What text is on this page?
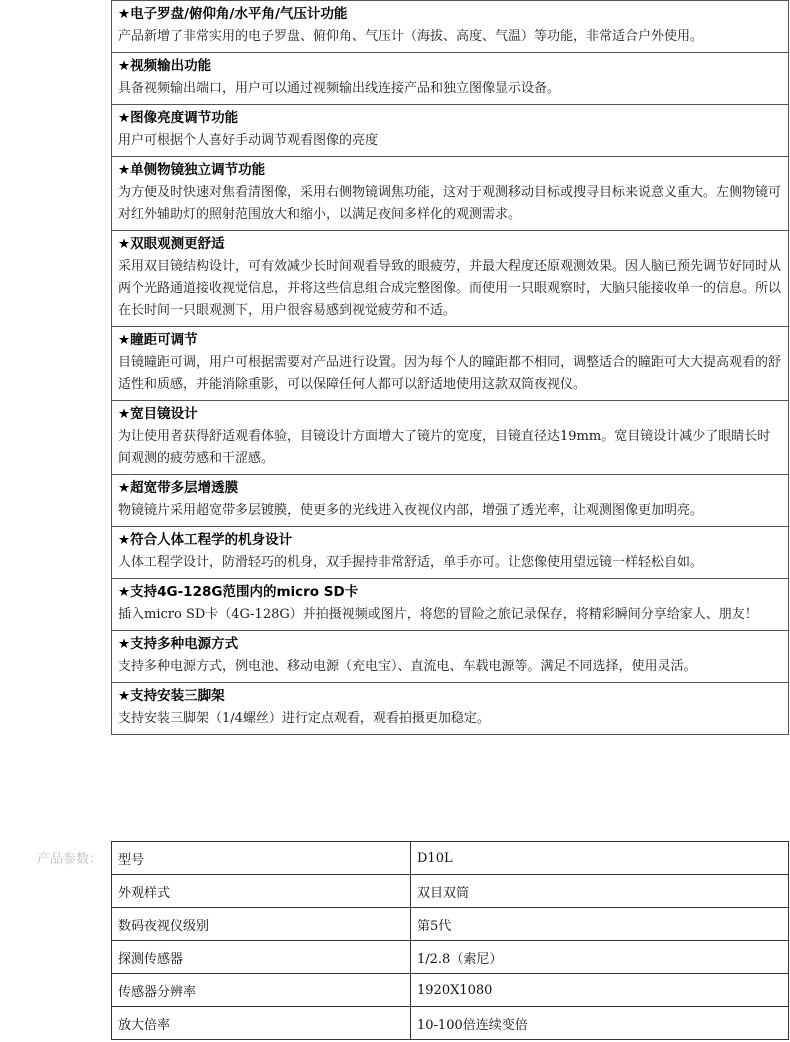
★电子罗盘/俯仰角/水平角/气压计功能
产品新增了非常实用的电子罗盘、俯仰角、气压计（海拔、高度、气温）等功能，非常适合户外使用。

★视频输出功能
具备视频输出端口，用户可以通过视频输出线连接产品和独立图像显示设备。

★图像亮度调节功能
用户可根据个人喜好手动调节观看图像的亮度

★单侧物镜独立调节功能
为方便及时快速对焦看清图像，采用右侧物镜调焦功能，这对于观测移动目标或搜寻目标来说意义重大。左侧物镜可对红外辅助灯的照射范围放大和缩小，以满足夜间多样化的观测需求。

★双眼观测更舒适
采用双目镜结构设计，可有效减少长时间观看导致的眼疲劳，并最大程度还原观测效果。因人脑已预先调节好同时从两个光路通道接收视觉信息，并将这些信息组合成完整图像。而使用一只眼观察时，大脑只能接收单一的信息。所以在长时间一只眼观测下，用户很容易感到视觉疲劳和不适。

★瞳距可调节
目镜瞳距可调，用户可根据需要对产品进行设置。因为每个人的瞳距都不相同，调整适合的瞳距可大大提高观看的舒适性和质感，并能消除重影，可以保障任何人都可以舒适地使用这款双筒夜视仪。

★宽目镜设计
为让使用者获得舒适观看体验，目镜设计方面增大了镜片的宽度，目镜直径达19mm。宽目镜设计减少了眼睛长时间观测的疲劳感和干涩感。

★超宽带多层增透膜
物镜镜片采用超宽带多层镀膜，使更多的光线进入夜视仪内部，增强了透光率，让观测图像更加明亮。

★符合人体工程学的机身设计
人体工程学设计，防滑轻巧的机身，双手握持非常舒适，单手亦可。让您像使用望远镜一样轻松自如。

★支持4G-128G范围内的micro SD卡
插入micro SD卡（4G-128G）并拍摄视频或图片，将您的冒险之旅记录保存，将精彩瞬间分享给家人、朋友！

★支持多种电源方式
支持多种电源方式，例电池、移动电源（充电宝）、直流电、车载电源等。满足不同选择，使用灵活。

★支持安装三脚架
支持安装三脚架（1/4螺丝）进行定点观看，观看拍摄更加稳定。
产品参数： 型号	D10L
外观样式	双目双筒
数码夜视仪级别	第5代
探测传感器	1/2.8（索尼）
传感器分辨率	1920X1080
放大倍率	10-100倍连续变倍
